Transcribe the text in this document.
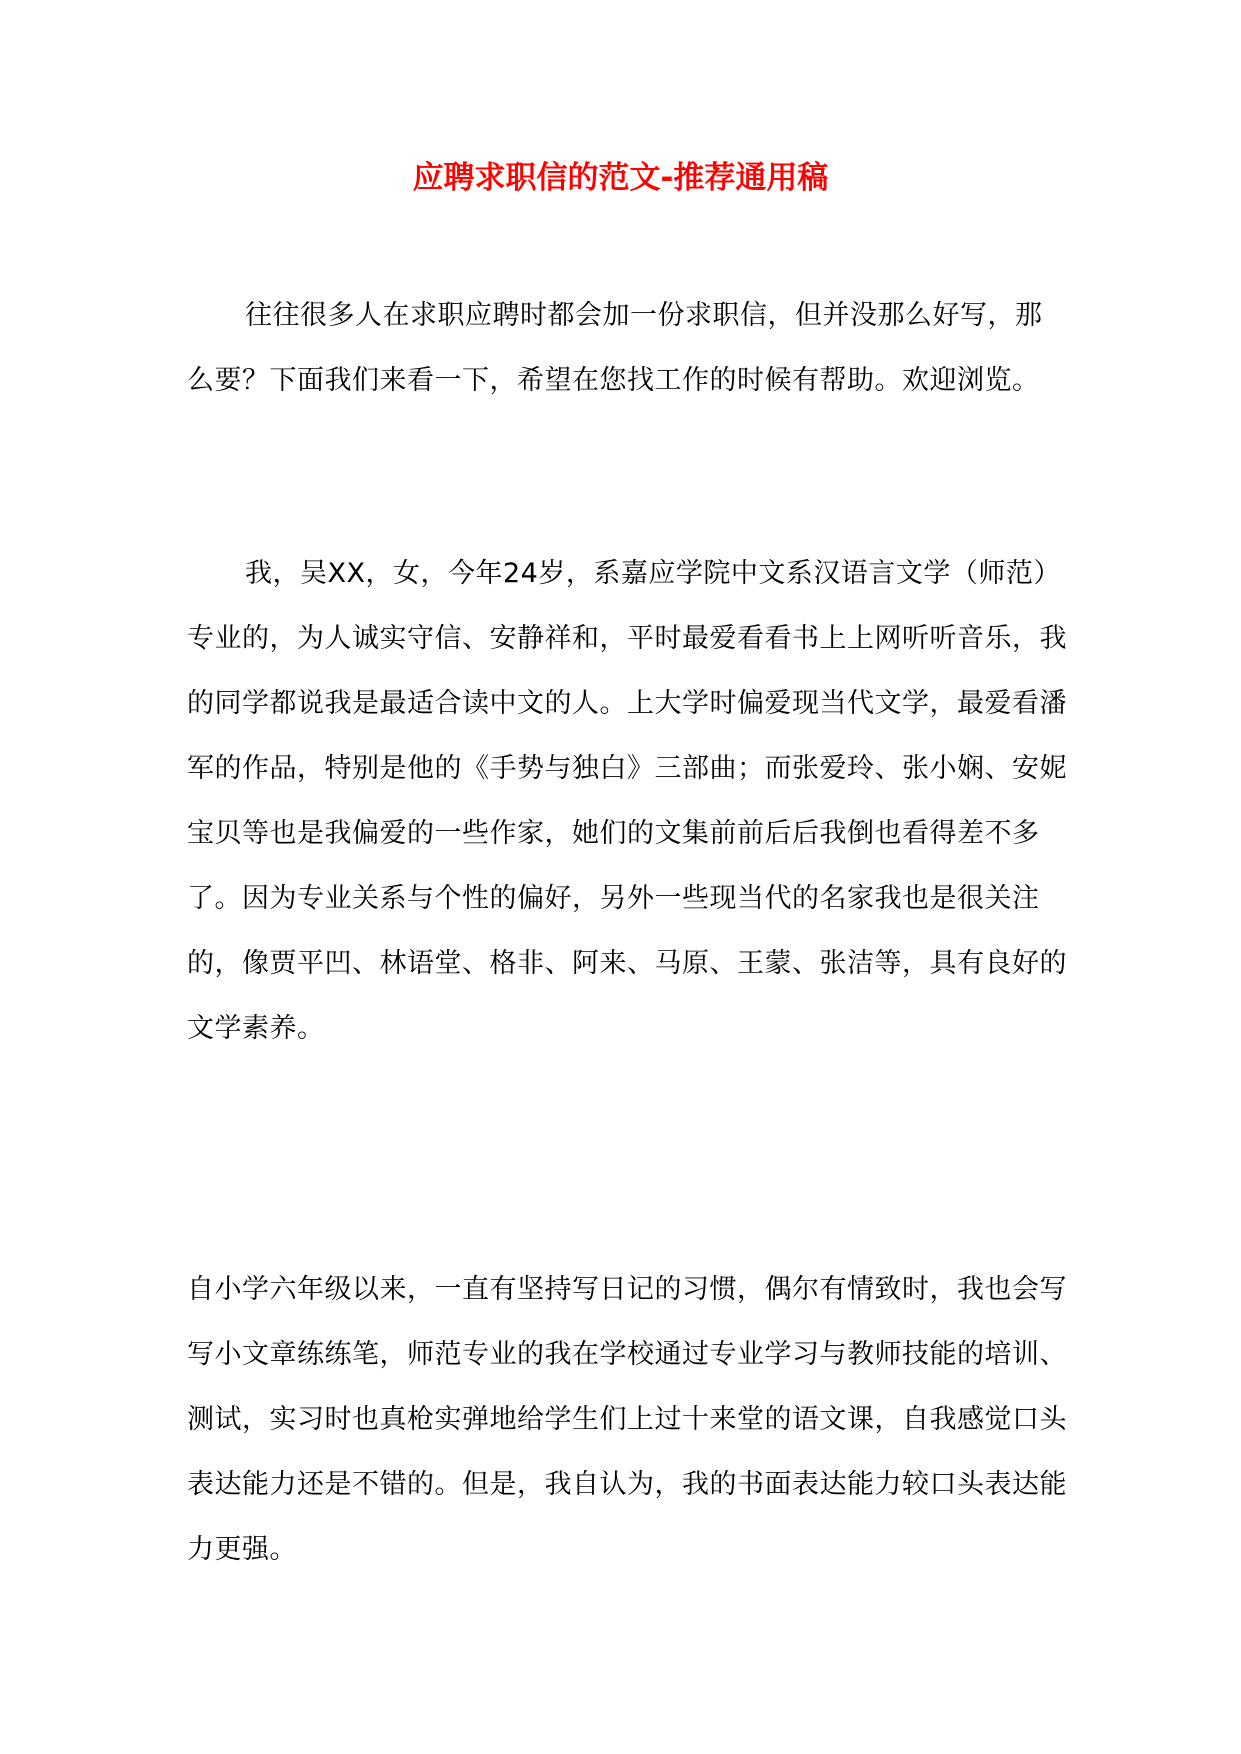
应聘求职信的范文-推荐通用稿

往往很多人在求职应聘时都会加一份求职信，但并没那么好写，那么要？下面我们来看一下，希望在您找工作的时候有帮助。欢迎浏览。

我，吴XX，女，今年24岁，系嘉应学院中文系汉语言文学（师范）专业的，为人诚实守信、安静祥和，平时最爱看看书上上网听听音乐，我的同学都说我是最适合读中文的人。上大学时偏爱现当代文学，最爱看潘军的作品，特别是他的《手势与独白》三部曲；而张爱玲、张小娴、安妮宝贝等也是我偏爱的一些作家，她们的文集前前后后我倒也看得差不多了。因为专业关系与个性的偏好，另外一些现当代的名家我也是很关注的，像贾平凹、林语堂、格非、阿来、马原、王蒙、张洁等，具有良好的文学素养。

自小学六年级以来，一直有坚持写日记的习惯，偶尔有情致时，我也会写写小文章练练笔，师范专业的我在学校通过专业学习与教师技能的培训、测试，实习时也真枪实弹地给学生们上过十来堂的语文课，自我感觉口头表达能力还是不错的。但是，我自认为，我的书面表达能力较口头表达能力更强。
